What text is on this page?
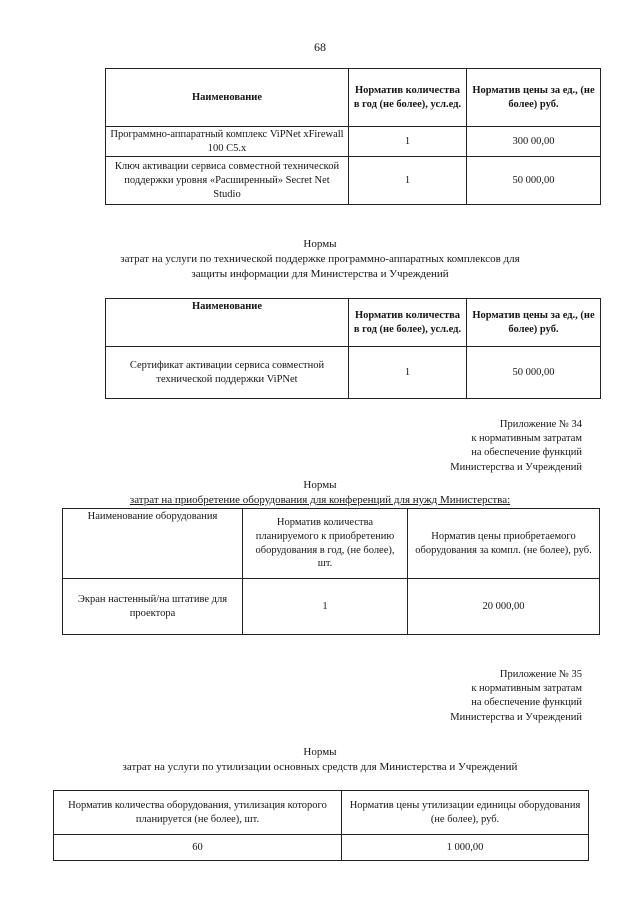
68
Наименование	Норматив количества в год (не более), усл.ед.	Норматив цены за ед., (не более) руб.
Программно-аппаратный комплекс ViPNet xFirewall 100 C5.x	1	300 00,00
Ключ активации сервиса совместной технической поддержки уровня «Расширенный» Secret Net Studio	1	50 000,00
Нормы
затрат на услуги по технической поддержке программно-аппаратных комплексов для
защиты информации для Министерства и Учреждений
Наименование	Норматив количества в год (не более), усл.ед.	Норматив цены за ед., (не более) руб.
Сертификат активации сервиса совместной технической поддержки ViPNet	1	50 000,00
Приложение № 34
к нормативным затратам
на обеспечение функций
Министерства и Учреждений
Нормы
затрат на приобретение оборудования для конференций для нужд Министерства:
Наименование оборудования	Норматив количества планируемого к приобретению оборудования в год, (не более), шт.	Норматив цены приобретаемого оборудования за компл. (не более), руб.
Экран настенный/на штативе для проектора	1	20 000,00
Приложение № 35
к нормативным затратам
на обеспечение функций
Министерства и Учреждений
Нормы
затрат на услуги по утилизации основных средств для Министерства и Учреждений
Норматив количества оборудования, утилизация которого планируется (не более), шт.	Норматив цены утилизации единицы оборудования (не более), руб.
60	1 000,00
